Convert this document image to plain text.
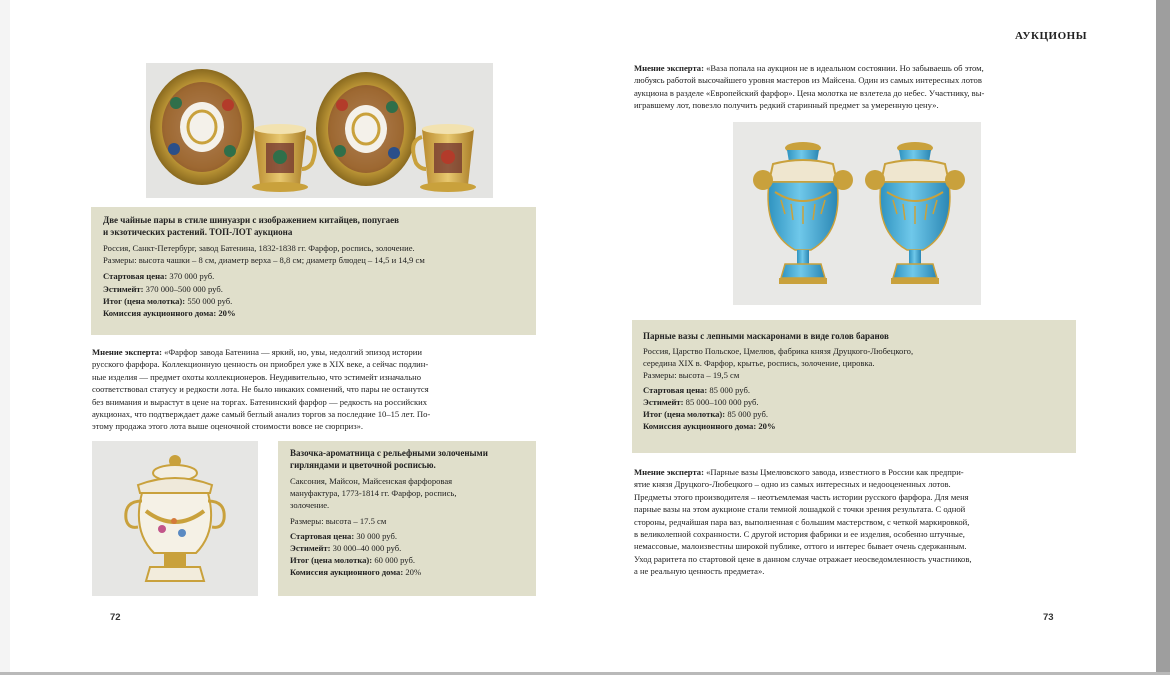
АУКЦИОНЫ

Две чайные пары в стиле шинуазри с изображением китайцев, попугаев

и экзотических растений. ТОП-ЛОТ аукциона

Россия, Санкт-Петербург, завод Батенина, 1832-1838 гг. Фарфор, роспись, золочение.

Размеры: высота чашки – 8 см, диаметр верха – 8,8 см; диаметр блюдец – 14,5 и 14,9 см

Стартовая цена: 370 000 руб.

Эстимейт: 370 000–500 000 руб.

Итог (цена молотка): 550 000 руб.

Комиссия аукционного дома: 20%

Мнение эксперта: «Фарфор завода Батенина — яркий, но, увы, недолгий эпизод истории

русского фарфора. Коллекционную ценность он приобрел уже в XIX веке, а сейчас подлин-

ные изделия — предмет охоты коллекционеров. Неудивительно, что эстимейт изначально

соответствовал статусу и редкости лота. Не было никаких сомнений, что пары не останутся

без внимания и вырастут в цене на торгах. Батенинский фарфор — редкость на российских

аукционах, что подтверждает даже самый беглый анализ торгов за последние 10–15 лет. По-

этому продажа этого лота выше оценочной стоимости вовсе не сюрприз».

Вазочка-ароматница с рельефными золочеными

гирляндами и цветочной росписью.

Саксония, Майсон, Майсенская фарфоровая

мануфактура, 1773-1814 гг. Фарфор, роспись,

золочение.

Размеры: высота – 17.5 см

Стартовая цена: 30 000 руб.

Эстимейт: 30 000–40 000 руб.

Итог (цена молотка): 60 000 руб.

Комиссия аукционного дома: 20%

72

Мнение эксперта: «Ваза попала на аукцион не в идеальном состоянии. Но забываешь об этом,

любуясь работой высочайшего уровня мастеров из Майсена. Один из самых интересных лотов

аукциона в разделе «Европейский фарфор». Цена молотка не взлетела до небес. Участнику, вы-

игравшему лот, повезло получить редкий старинный предмет за умеренную цену».

Парные вазы с лепными маскаронами в виде голов баранов

Россия, Царство Польское, Цмелюв, фабрика князя Друцкого-Любецкого,

середина XIX в. Фарфор, крытье, роспись, золочение, цировка.

Размеры: высота – 19,5 см

Стартовая цена: 85 000 руб.

Эстимейт: 85 000–100 000 руб.

Итог (цена молотка): 85 000 руб.

Комиссия аукционного дома: 20%

Мнение эксперта: «Парные вазы Цмелювского завода, известного в России как предпри-

ятие князя Друцкого-Любецкого – одно из самых интересных и недооцененных лотов.

Предметы этого производителя – неотъемлемая часть истории русского фарфора. Для меня

парные вазы на этом аукционе стали темной лошадкой с точки зрения результата. С одной

стороны, редчайшая пара ваз, выполненная с большим мастерством, с четкой маркировкой,

в великолепной сохранности. С другой история фабрики и ее изделия, особенно штучные,

немассовые, малоизвестны широкой публике, оттого и интерес бывает очень сдержанным.

Уход раритета по стартовой цене в данном случае отражает неосведомленность участников,

а не реальную ценность предмета».

73
